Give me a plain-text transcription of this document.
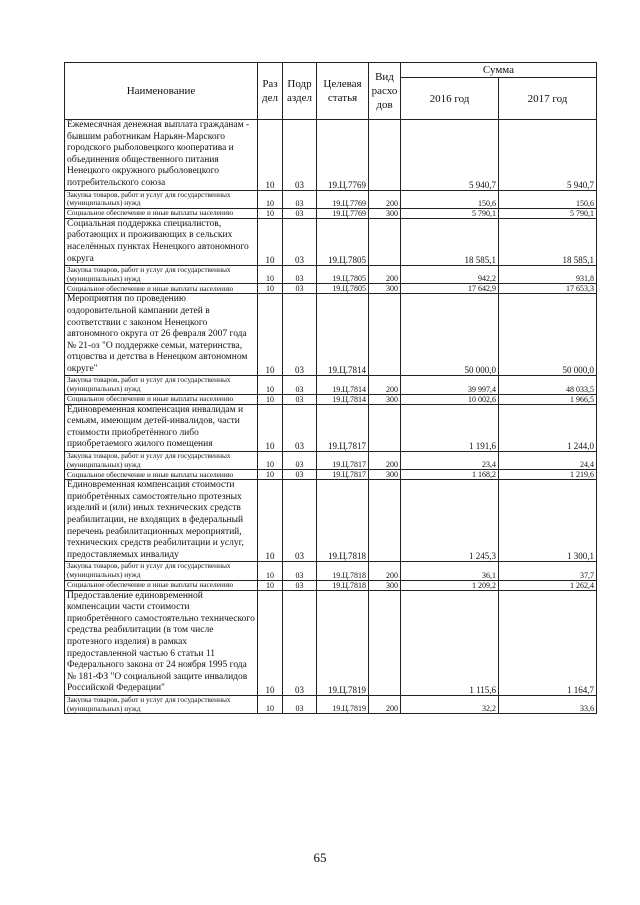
Наименование	Раз дел	Подр аздел	Целевая статья	Вид расхо дов	Сумма	
					2016 год	2017 год
Ежемесячная денежная выплата гражданам - бывшим работникам Нарьян-Марского городского рыболовецкого кооператива и объединения общественного питания Ненецкого окружного рыболовецкого потребительского союза	10	03	19.Ц.7769		5 940,7	5 940,7
Закупка товаров, работ и услуг для государственных (муниципальных) нужд	10	03	19.Ц.7769	200	150,6	150,6
Социальное обеспечение и иные выплаты населению	10	03	19.Ц.7769	300	5 790,1	5 790,1
Социальная поддержка специалистов, работающих и проживающих в сельских населённых пунктах Ненецкого автономного округа	10	03	19.Ц.7805		18 585,1	18 585,1
Закупка товаров, работ и услуг для государственных (муниципальных) нужд	10	03	19.Ц.7805	200	942,2	931,8
Социальное обеспечение и иные выплаты населению	10	03	19.Ц.7805	300	17 642,9	17 653,3
Мероприятия по проведению оздоровительной кампании детей в соответствии с законом Ненецкого автономного округа от 26 февраля 2007 года № 21-оз "О поддержке семьи, материнства, отцовства и детства в Ненецком автономном округе"	10	03	19.Ц.7814		50 000,0	50 000,0
Закупка товаров, работ и услуг для государственных (муниципальных) нужд	10	03	19.Ц.7814	200	39 997,4	48 033,5
Социальное обеспечение и иные выплаты населению	10	03	19.Ц.7814	300	10 002,6	1 966,5
Единовременная компенсация инвалидам и семьям, имеющим детей-инвалидов, части стоимости приобретённого либо приобретаемого жилого помещения	10	03	19.Ц.7817		1 191,6	1 244,0
Закупка товаров, работ и услуг для государственных (муниципальных) нужд	10	03	19.Ц.7817	200	23,4	24,4
Социальное обеспечение и иные выплаты населению	10	03	19.Ц.7817	300	1 168,2	1 219,6
Единовременная компенсация стоимости приобретённых самостоятельно протезных изделий и (или) иных технических средств реабилитации, не входящих в федеральный перечень реабилитационных мероприятий, технических средств реабилитации и услуг, предоставляемых инвалиду	10	03	19.Ц.7818		1 245,3	1 300,1
Закупка товаров, работ и услуг для государственных (муниципальных) нужд	10	03	19.Ц.7818	200	36,1	37,7
Социальное обеспечение и иные выплаты населению	10	03	19.Ц.7818	300	1 209,2	1 262,4
Предоставление единовременной компенсации части стоимости приобретённого самостоятельно технического средства реабилитации (в том числе протезного изделия) в рамках предоставленной частью 6 статьи 11 Федерального закона от 24 ноября 1995 года № 181-ФЗ "О социальной защите инвалидов Российской Федерации"	10	03	19.Ц.7819		1 115,6	1 164,7
Закупка товаров, работ и услуг для государственных (муниципальных) нужд	10	03	19.Ц.7819	200	32,2	33,6
65
